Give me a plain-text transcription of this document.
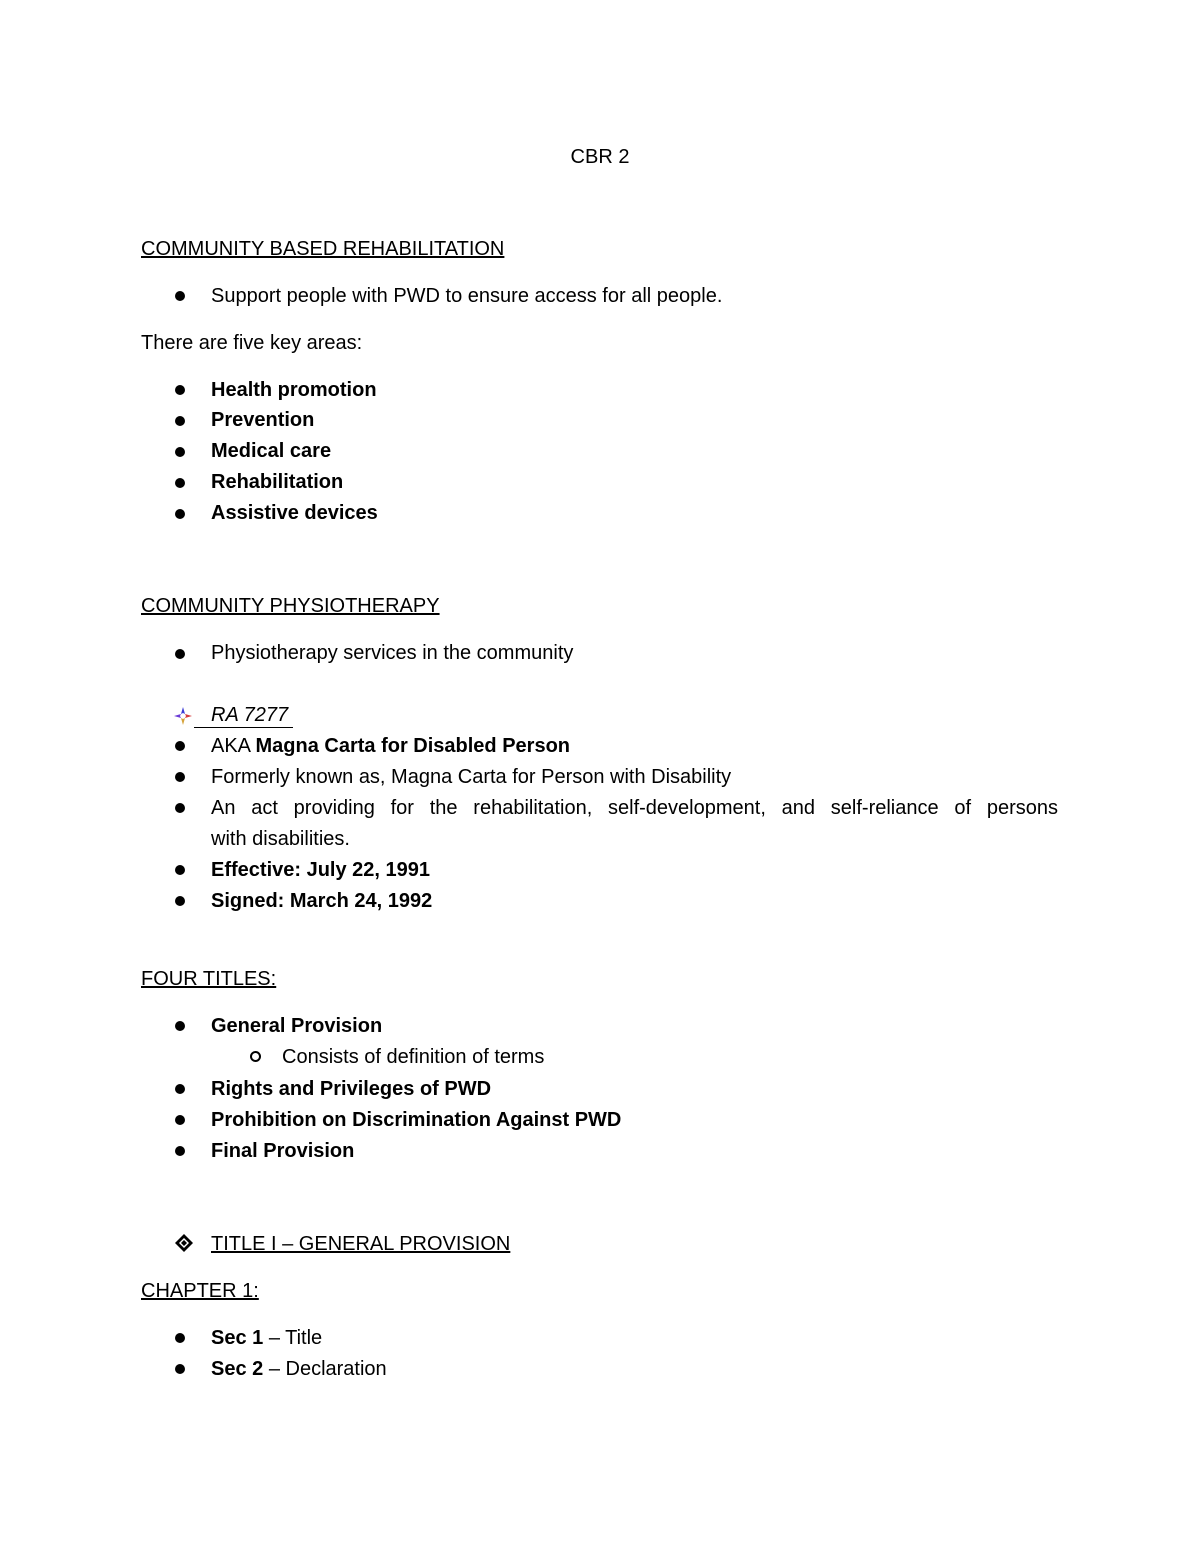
CBR 2
COMMUNITY BASED REHABILITATION
Support people with PWD to ensure access for all people.
There are five key areas:
Health promotion
Prevention
Medical care
Rehabilitation
Assistive devices
COMMUNITY PHYSIOTHERAPY
Physiotherapy services in the community
RA 7277
AKA Magna Carta for Disabled Person
Formerly known as, Magna Carta for Person with Disability
An act providing for the rehabilitation, self-development, and self-reliance of persons
with disabilities.
Effective: July 22, 1991
Signed: March 24, 1992
FOUR TITLES:
General Provision
Consists of definition of terms
Rights and Privileges of PWD
Prohibition on Discrimination Against PWD
Final Provision
TITLE I – GENERAL PROVISION
CHAPTER 1:
Sec 1 – Title
Sec 2 – Declaration
